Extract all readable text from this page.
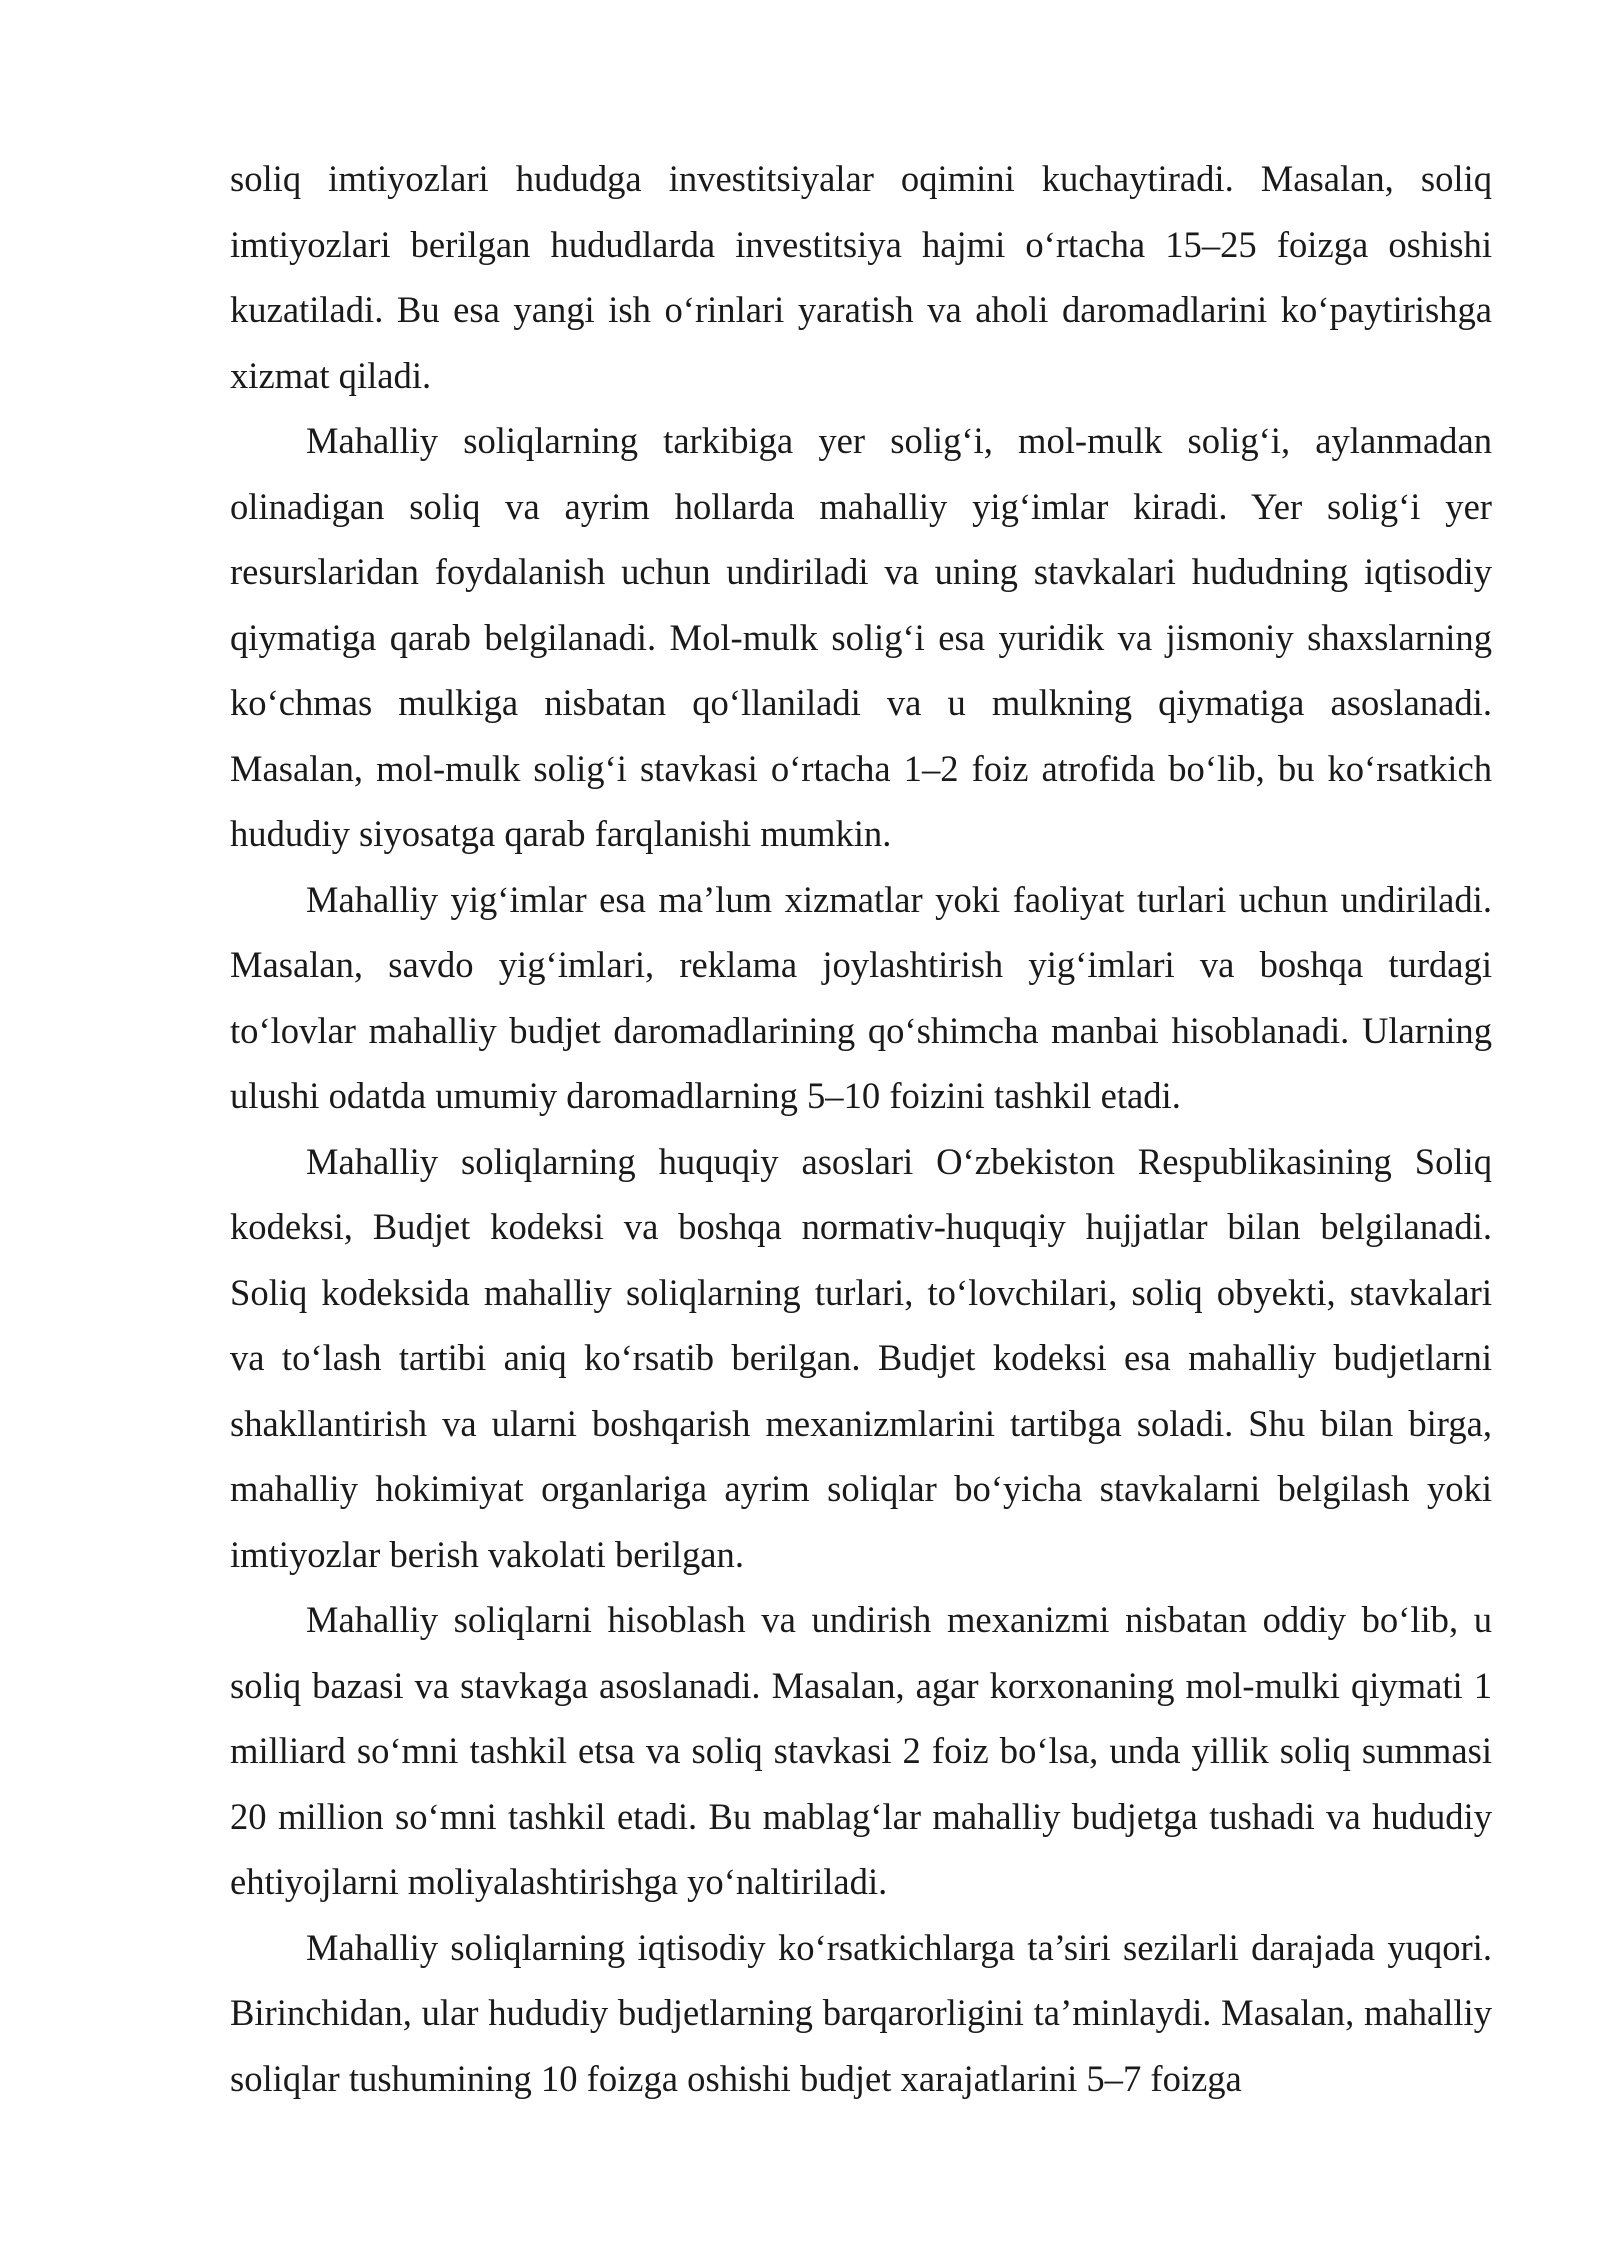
soliq imtiyozlari hududga investitsiyalar oqimini kuchaytiradi. Masalan, soliq imtiyozlari berilgan hududlarda investitsiya hajmi o‘rtacha 15–25 foizga oshishi kuzatiladi. Bu esa yangi ish o‘rinlari yaratish va aholi daromadlarini ko‘paytirishga xizmat qiladi.

Mahalliy soliqlarning tarkibiga yer solig‘i, mol-mulk solig‘i, aylanmadan olinadigan soliq va ayrim hollarda mahalliy yig‘imlar kiradi. Yer solig‘i yer resurslaridan foydalanish uchun undiriladi va uning stavkalari hududning iqtisodiy qiymatiga qarab belgilanadi. Mol-mulk solig‘i esa yuridik va jismoniy shaxslarning ko‘chmas mulkiga nisbatan qo‘llaniladi va u mulkning qiymatiga asoslanadi. Masalan, mol-mulk solig‘i stavkasi o‘rtacha 1–2 foiz atrofida bo‘lib, bu ko‘rsatkich hududiy siyosatga qarab farqlanishi mumkin.

Mahalliy yig‘imlar esa ma’lum xizmatlar yoki faoliyat turlari uchun undiriladi. Masalan, savdo yig‘imlari, reklama joylashtirish yig‘imlari va boshqa turdagi to‘lovlar mahalliy budjet daromadlarining qo‘shimcha manbai hisoblanadi. Ularning ulushi odatda umumiy daromadlarning 5–10 foizini tashkil etadi.

Mahalliy soliqlarning huquqiy asoslari O‘zbekiston Respublikasining Soliq kodeksi, Budjet kodeksi va boshqa normativ-huquqiy hujjatlar bilan belgilanadi. Soliq kodeksida mahalliy soliqlarning turlari, to‘lovchilari, soliq obyekti, stavkalari va to‘lash tartibi aniq ko‘rsatib berilgan. Budjet kodeksi esa mahalliy budjetlarni shakllantirish va ularni boshqarish mexanizmlarini tartibga soladi. Shu bilan birga, mahalliy hokimiyat organlariga ayrim soliqlar bo‘yicha stavkalarni belgilash yoki imtiyozlar berish vakolati berilgan.

Mahalliy soliqlarni hisoblash va undirish mexanizmi nisbatan oddiy bo‘lib, u soliq bazasi va stavkaga asoslanadi. Masalan, agar korxonaning mol-mulki qiymati 1 milliard so‘mni tashkil etsa va soliq stavkasi 2 foiz bo‘lsa, unda yillik soliq summasi 20 million so‘mni tashkil etadi. Bu mablag‘lar mahalliy budjetga tushadi va hududiy ehtiyojlarni moliyalashtirishga yo‘naltiriladi.

Mahalliy soliqlarning iqtisodiy ko‘rsatkichlarga ta’siri sezilarli darajada yuqori. Birinchidan, ular hududiy budjetlarning barqarorligini ta’minlaydi. Masalan, mahalliy soliqlar tushumining 10 foizga oshishi budjet xarajatlarini 5–7 foizga
